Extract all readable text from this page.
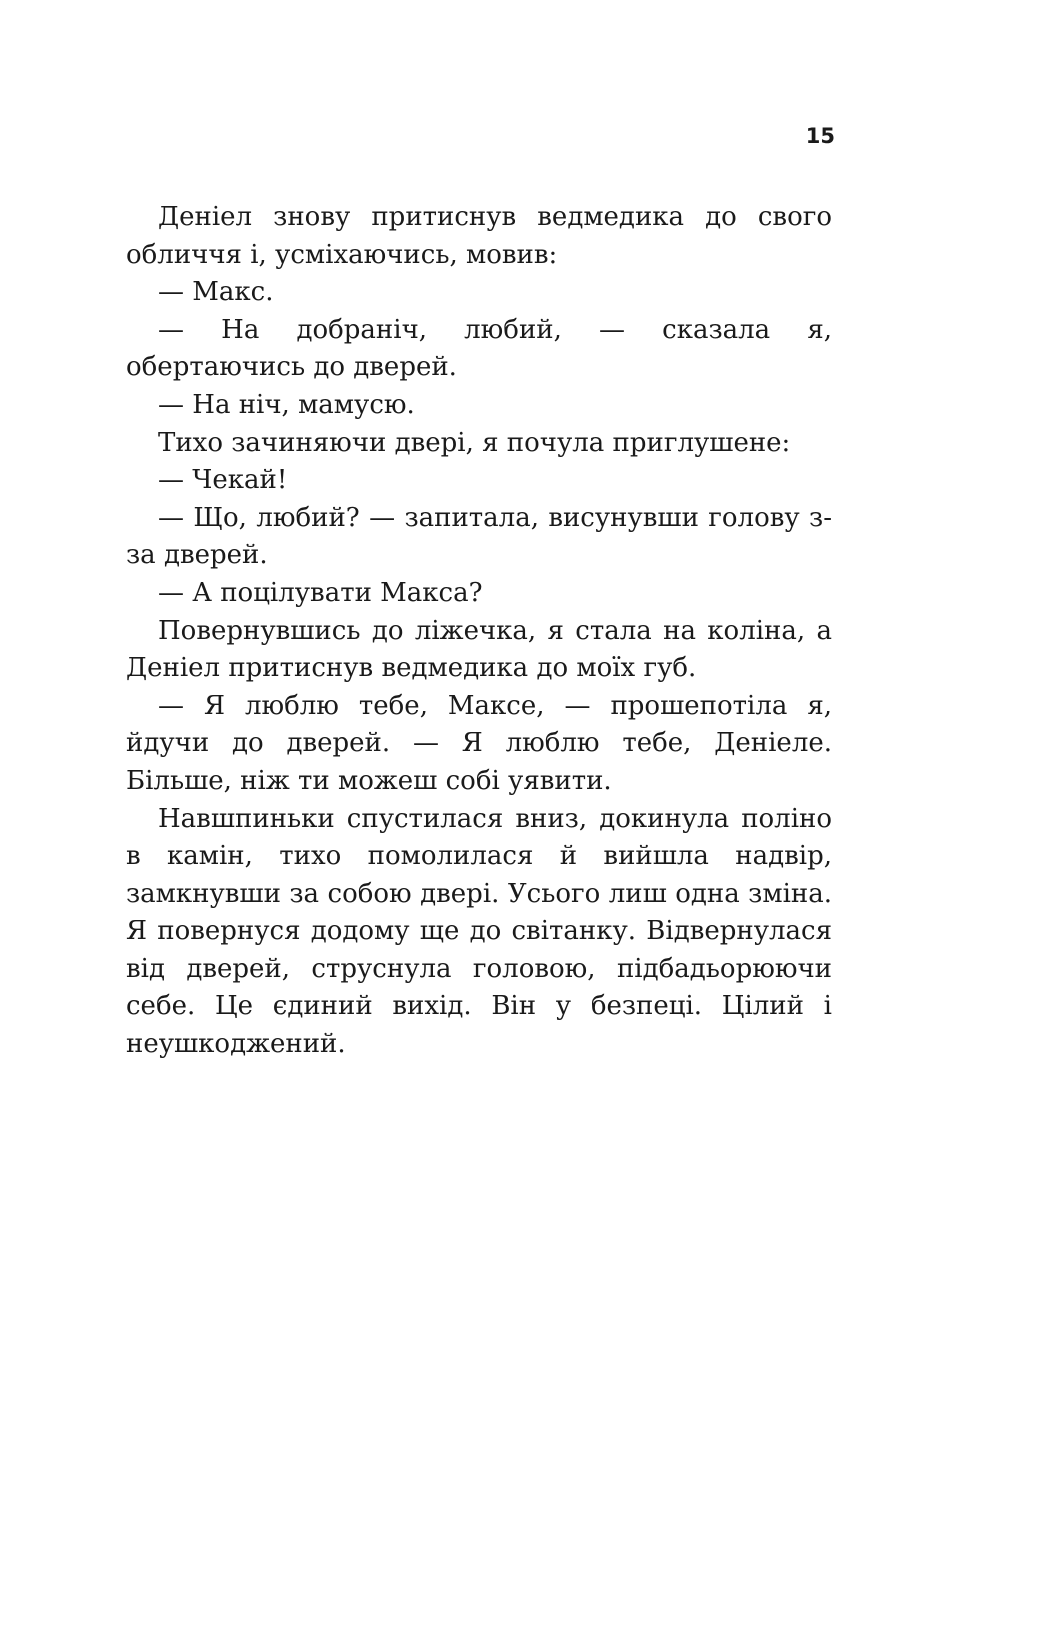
15

Деніел знову притиснув ведмедика до свого обличчя і, усміхаючись, мовив:

— Макс.

— На добраніч, любий, — сказала я, обертаючись до дверей.

— На ніч, мамусю.

Тихо зачиняючи двері, я почула приглушене:

— Чекай!

— Що, любий? — запитала, висунувши голову з-за дверей.

— А поцілувати Макса?

Повернувшись до ліжечка, я стала на коліна, а Деніел притиснув ведмедика до моїх губ.

— Я люблю тебе, Максе, — прошепотіла я, йдучи до дверей. — Я люблю тебе, Деніеле. Більше, ніж ти можеш собі уявити.

Навшпиньки спустилася вниз, докинула поліно в камін, тихо помолилася й вийшла надвір, замкнувши за собою двері. Усього лиш одна зміна. Я повернуся додому ще до світанку. Відвернулася від дверей, струснула головою, підбадьорюючи себе. Це єдиний вихід. Він у безпеці. Цілий і неушкоджений.
